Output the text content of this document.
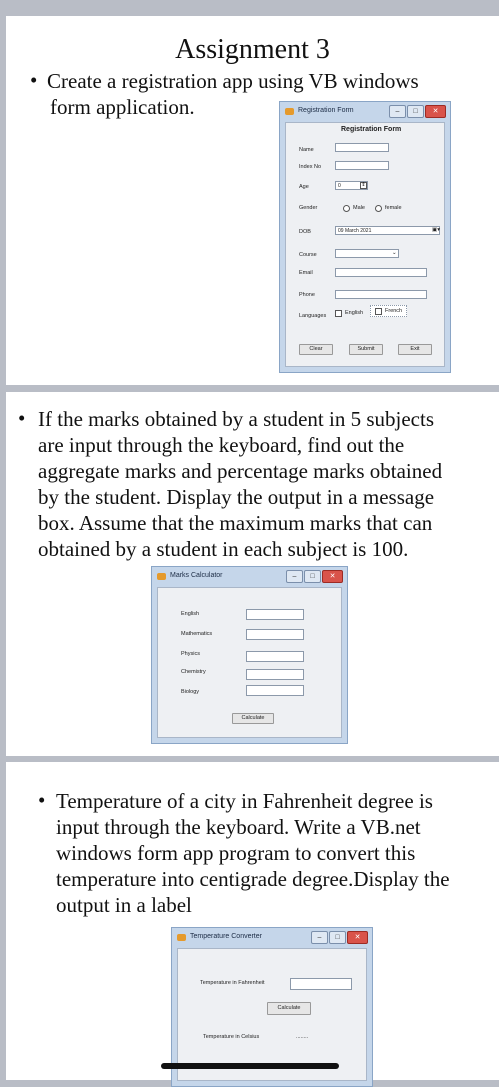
Assignment 3
• Create a registration app using VB windows
form application.	Registration Form	–	□	✕
Registration Form
Name
Index No
Age	0	⇕
Gender	Male	female
DOB	09 March 2021	▣▾
Course	⌄
Email
Phone
Languages	English	French
Clear	Submit	Exit
• If the marks obtained by a student in 5 subjects
are input through the keyboard, find out the
aggregate marks and percentage marks obtained
by the student. Display the output in a message
box. Assume that the maximum marks that can
obtained by a student in each subject is 100.
Marks Calculator	–	□	✕
English
Mathematics
Physics
Chemistry
Biology
Calculate
• Temperature of a city in Fahrenheit degree is
input through the keyboard. Write a VB.net
windows form app program to convert this
temperature into centigrade degree.Display the
output in a label
Temperature Converter	–	□	✕
Temperature in Fahrenheit
Calculate
Temperature in Celsius	........
